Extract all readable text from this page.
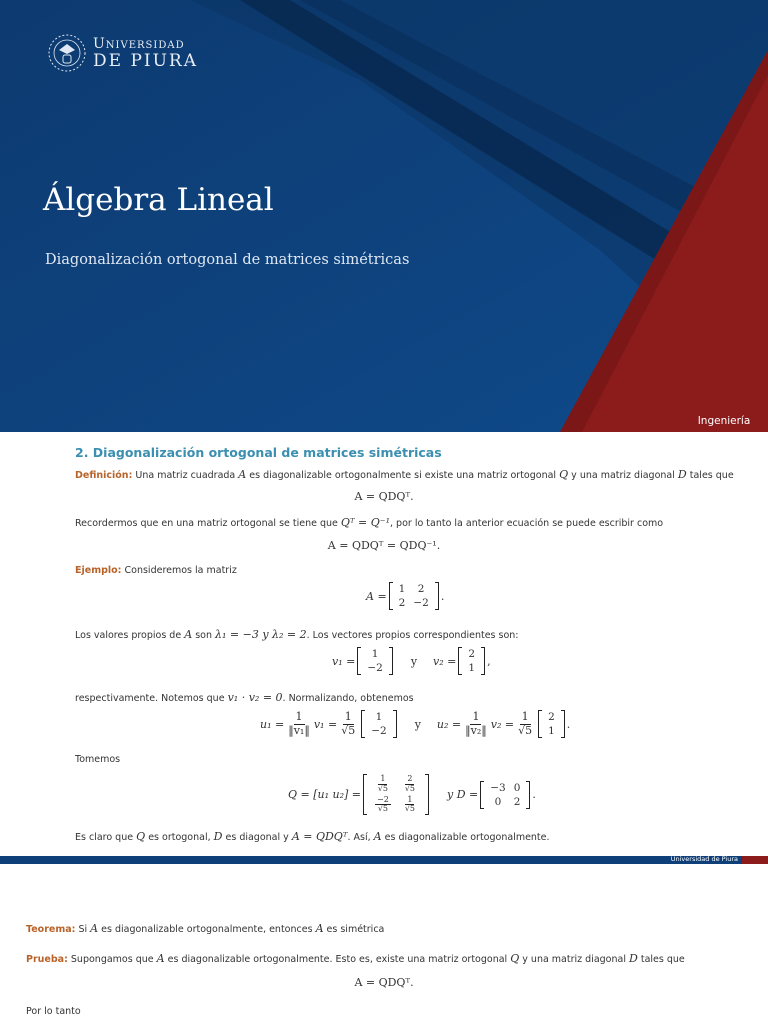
Universidad
DE PIURA
Álgebra Lineal
Diagonalización ortogonal de matrices simétricas
Ingeniería
2. Diagonalización ortogonal de matrices simétricas
Definición: Una matriz cuadrada A es diagonalizable ortogonalmente si existe una matriz ortogonal Q y una matriz diagonal D tales que
A = QDQᵀ.
Recordermos que en una matriz ortogonal se tiene que Qᵀ = Q⁻¹, por lo tanto la anterior ecuación se puede escribir como
A = QDQᵀ = QDQ⁻¹.
Ejemplo: Consideremos la matriz
A =
1	2
2	−2
.
Los valores propios de A son λ₁ = −3 y λ₂ = 2. Los vectores propios correspondientes son:
v₁
=
1
−2
y v₂
=
2
1
,
respectivamente. Notemos que v₁ · v₂ = 0. Normalizando, obtenemos
u₁
= $\frac{1}{\text{‖v₁‖}} v_1$
= $\frac{1}{√5} 1$
−2
y u₂
= $\frac{1}{\text{‖v₂‖}} v_2$
= $\frac{1}{√5} 2$
1
.
Tomemos
Q = [u₁ u₂] =
$\frac{1}{√5}$	$\frac{2}{√5}$

$\frac{-2}{√5}$	$\frac{1}{√5}$
y D =
−3	0
0	2
.
Es claro que Q es ortogonal, D es diagonal y A = QDQᵀ. Así, A es diagonalizable ortogonalmente.
Universidad de Piura
Teorema: Si A es diagonalizable ortogonalmente, entonces A es simétrica
Prueba: Supongamos que A es diagonalizable ortogonalmente. Esto es, existe una matriz ortogonal Q y una matriz diagonal D tales que
A = QDQᵀ.
Por lo tanto
